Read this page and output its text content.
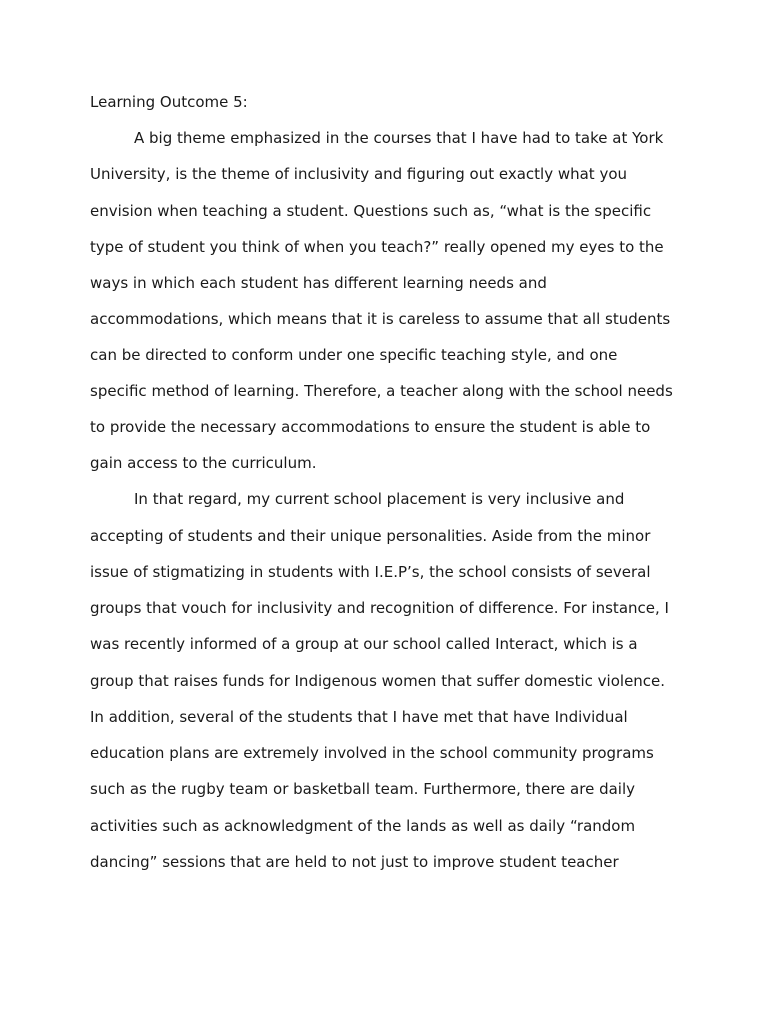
Learning Outcome 5:
A big theme emphasized in the courses that I have had to take at York
University, is the theme of inclusivity and figuring out exactly what you
envision when teaching a student. Questions such as, “what is the specific
type of student you think of when you teach?” really opened my eyes to the
ways in which each student has different learning needs and
accommodations, which means that it is careless to assume that all students
can be directed to conform under one specific teaching style, and one
specific method of learning. Therefore, a teacher along with the school needs
to provide the necessary accommodations to ensure the student is able to
gain access to the curriculum.
In that regard, my current school placement is very inclusive and
accepting of students and their unique personalities. Aside from the minor
issue of stigmatizing in students with I.E.P’s, the school consists of several
groups that vouch for inclusivity and recognition of difference. For instance, I
was recently informed of a group at our school called Interact, which is a
group that raises funds for Indigenous women that suffer domestic violence.
In addition, several of the students that I have met that have Individual
education plans are extremely involved in the school community programs
such as the rugby team or basketball team. Furthermore, there are daily
activities such as acknowledgment of the lands as well as daily “random
dancing” sessions that are held to not just to improve student teacher
